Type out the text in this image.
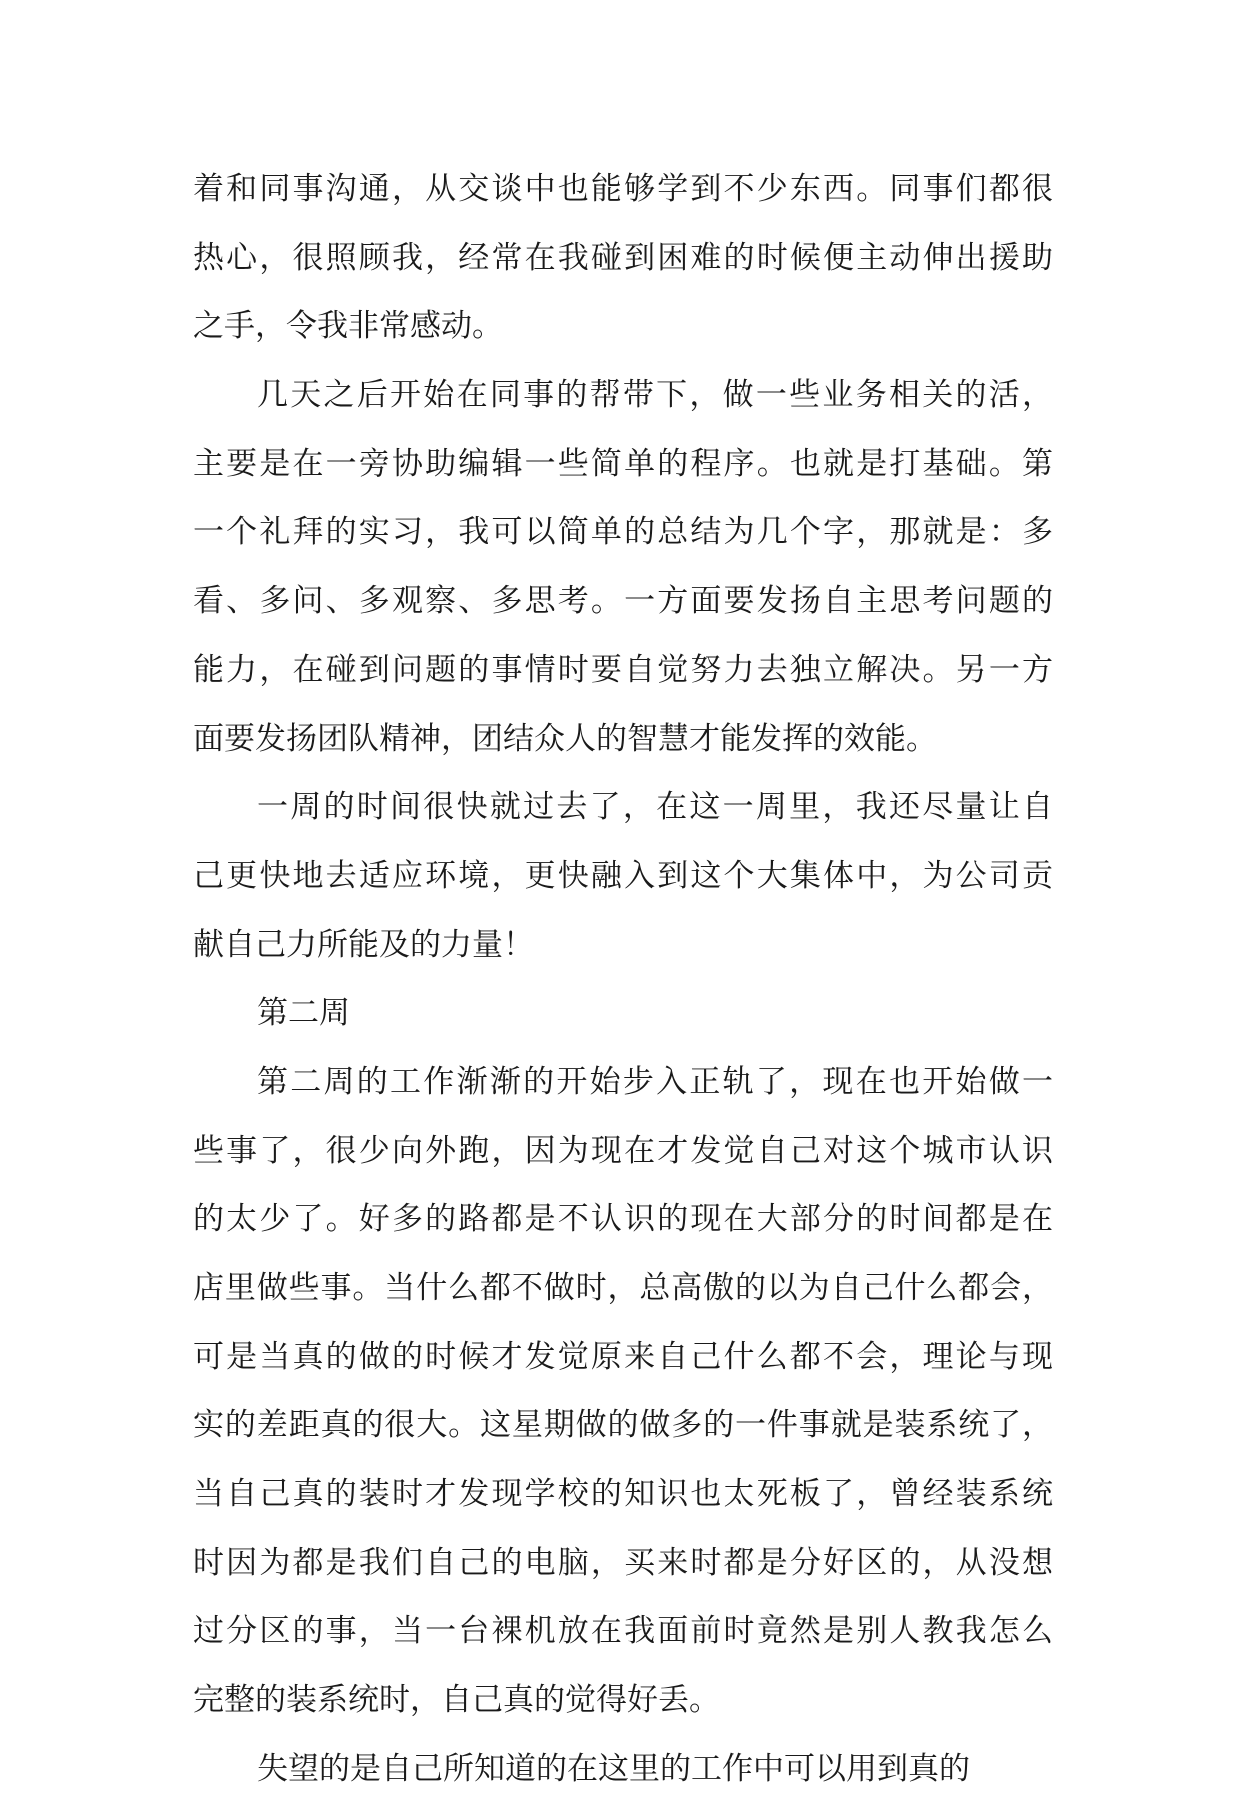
着和同事沟通，从交谈中也能够学到不少东西。同事们都很
热心，很照顾我，经常在我碰到困难的时候便主动伸出援助
之手，令我非常感动。
几天之后开始在同事的帮带下，做一些业务相关的活，
主要是在一旁协助编辑一些简单的程序。也就是打基础。第
一个礼拜的实习，我可以简单的总结为几个字，那就是：多
看、多问、多观察、多思考。一方面要发扬自主思考问题的
能力，在碰到问题的事情时要自觉努力去独立解决。另一方
面要发扬团队精神，团结众人的智慧才能发挥的效能。
一周的时间很快就过去了，在这一周里，我还尽量让自
己更快地去适应环境，更快融入到这个大集体中，为公司贡
献自己力所能及的力量！
第二周
第二周的工作渐渐的开始步入正轨了，现在也开始做一
些事了，很少向外跑，因为现在才发觉自己对这个城市认识
的太少了。好多的路都是不认识的现在大部分的时间都是在
店里做些事。当什么都不做时，总高傲的以为自己什么都会，
可是当真的做的时候才发觉原来自己什么都不会，理论与现
实的差距真的很大。这星期做的做多的一件事就是装系统了，
当自己真的装时才发现学校的知识也太死板了，曾经装系统
时因为都是我们自己的电脑，买来时都是分好区的，从没想
过分区的事，当一台裸机放在我面前时竟然是别人教我怎么
完整的装系统时，自己真的觉得好丢。
失望的是自己所知道的在这里的工作中可以用到真的
